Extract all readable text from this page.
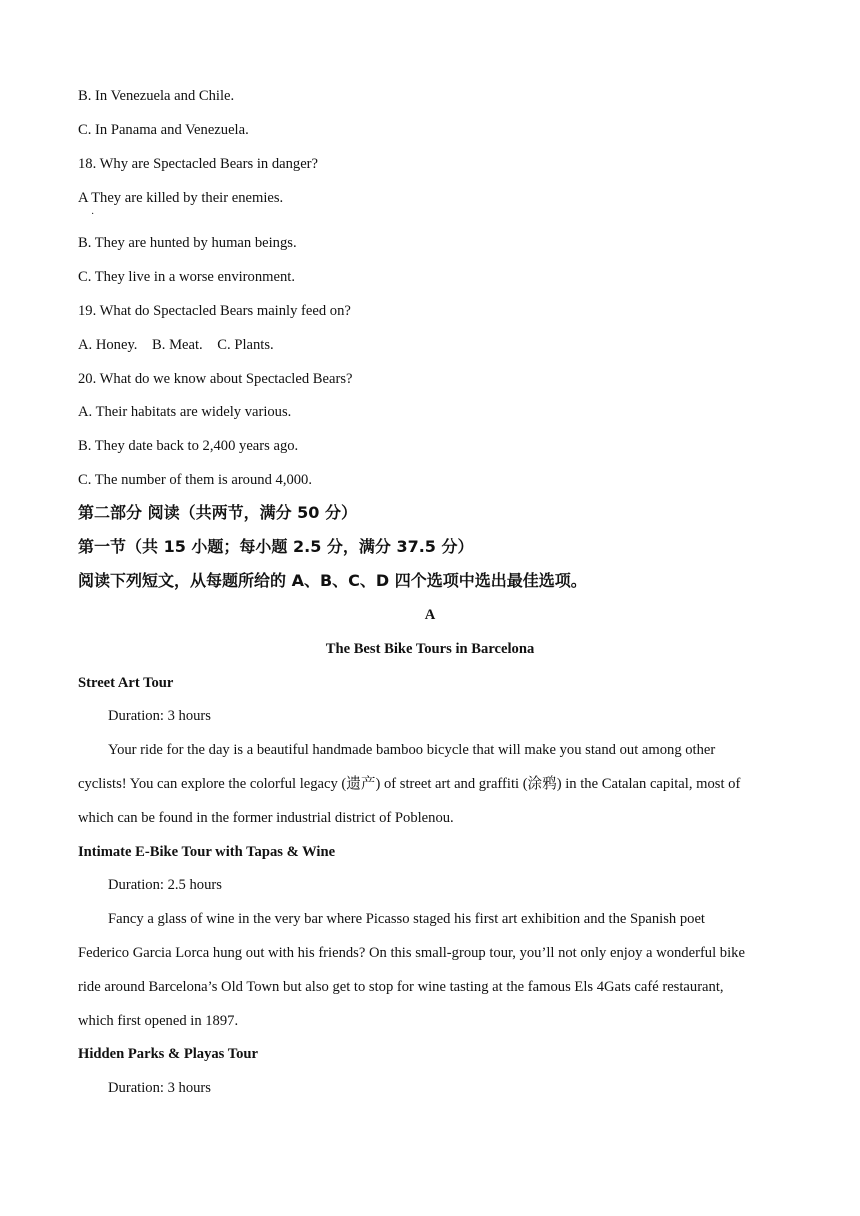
B. In Venezuela and Chile.
C. In Panama and Venezuela.
18. Why are Spectacled Bears in danger?
A They are killed by their enemies.
·
B. They are hunted by human beings.
C. They live in a worse environment.
19. What do Spectacled Bears mainly feed on?
A. Honey.    B. Meat.    C. Plants.
20. What do we know about Spectacled Bears?
A. Their habitats are widely various.
B. They date back to 2,400 years ago.
C. The number of them is around 4,000.
第二部分 阅读（共两节，满分 50 分）
第一节（共 15 小题；每小题 2.5 分，满分 37.5 分）
阅读下列短文，从每题所给的 A、B、C、D 四个选项中选出最佳选项。
A
The Best Bike Tours in Barcelona
Street Art Tour
Duration: 3 hours
Your ride for the day is a beautiful handmade bamboo bicycle that will make you stand out among other
cyclists! You can explore the colorful legacy (遗产) of street art and graffiti (涂鸦) in the Catalan capital, most of
which can be found in the former industrial district of Poblenou.
Intimate E-Bike Tour with Tapas & Wine
Duration: 2.5 hours
Fancy a glass of wine in the very bar where Picasso staged his first art exhibition and the Spanish poet
Federico Garcia Lorca hung out with his friends? On this small-group tour, you’ll not only enjoy a wonderful bike
ride around Barcelona’s Old Town but also get to stop for wine tasting at the famous Els 4Gats café restaurant,
which first opened in 1897.
Hidden Parks & Playas Tour
Duration: 3 hours
